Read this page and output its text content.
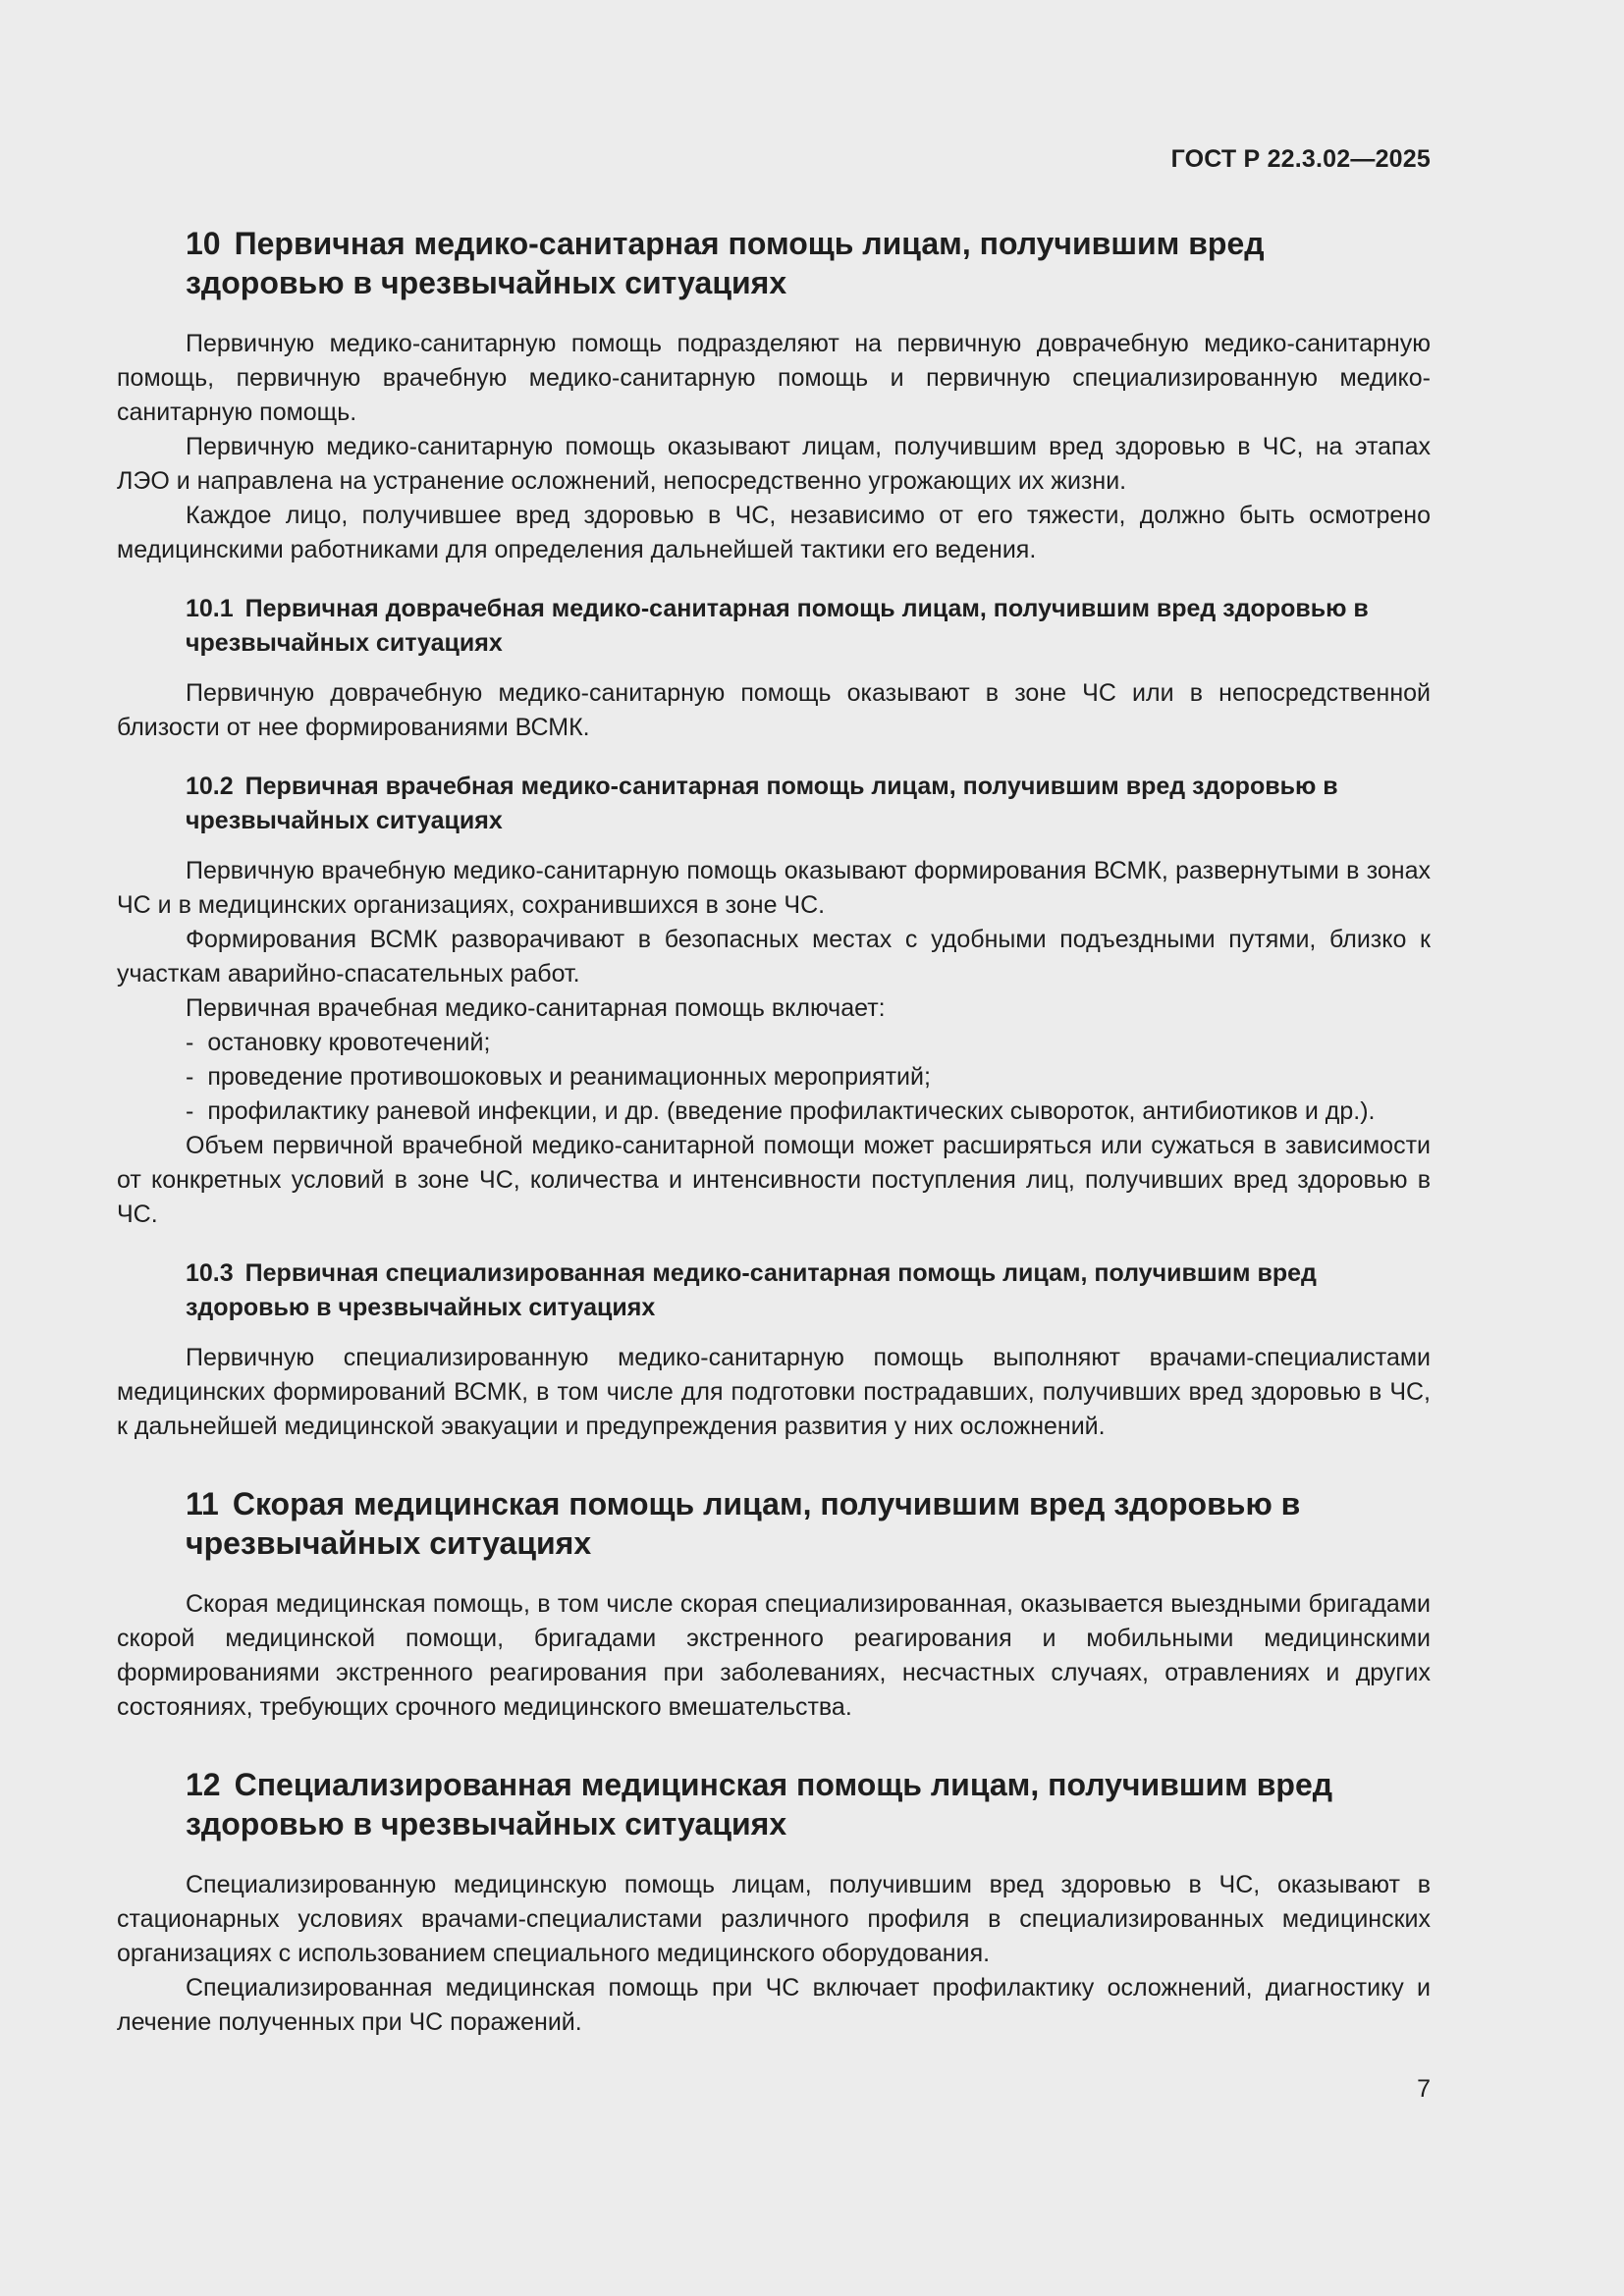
ГОСТ Р 22.3.02—2025
10 Первичная медико-санитарная помощь лицам, получившим вред здоровью в чрезвычайных ситуациях

Первичную медико-санитарную помощь подразделяют на первичную доврачебную медико-санитарную помощь, первичную врачебную медико-санитарную помощь и первичную специализированную медико-санитарную помощь.

Первичную медико-санитарную помощь оказывают лицам, получившим вред здоровью в ЧС, на этапах ЛЭО и направлена на устранение осложнений, непосредственно угрожающих их жизни.

Каждое лицо, получившее вред здоровью в ЧС, независимо от его тяжести, должно быть осмотрено медицинскими работниками для определения дальнейшей тактики его ведения.

10.1 Первичная доврачебная медико-санитарная помощь лицам, получившим вред здоровью в чрезвычайных ситуациях

Первичную доврачебную медико-санитарную помощь оказывают в зоне ЧС или в непосредственной близости от нее формированиями ВСМК.

10.2 Первичная врачебная медико-санитарная помощь лицам, получившим вред здоровью в чрезвычайных ситуациях

Первичную врачебную медико-санитарную помощь оказывают формирования ВСМК, развернутыми в зонах ЧС и в медицинских организациях, сохранившихся в зоне ЧС.

Формирования ВСМК разворачивают в безопасных местах с удобными подъездными путями, близко к участкам аварийно-спасательных работ.

Первичная врачебная медико-санитарная помощь включает:

- остановку кровотечений;
- проведение противошоковых и реанимационных мероприятий;
- профилактику раневой инфекции, и др. (введение профилактических сывороток, антибиотиков и др.).

Объем первичной врачебной медико-санитарной помощи может расширяться или сужаться в зависимости от конкретных условий в зоне ЧС, количества и интенсивности поступления лиц, получивших вред здоровью в ЧС.

10.3 Первичная специализированная медико-санитарная помощь лицам, получившим вред здоровью в чрезвычайных ситуациях

Первичную специализированную медико-санитарную помощь выполняют врачами-специалистами медицинских формирований ВСМК, в том числе для подготовки пострадавших, получивших вред здоровью в ЧС, к дальнейшей медицинской эвакуации и предупреждения развития у них осложнений.

11 Скорая медицинская помощь лицам, получившим вред здоровью в чрезвычайных ситуациях

Скорая медицинская помощь, в том числе скорая специализированная, оказывается выездными бригадами скорой медицинской помощи, бригадами экстренного реагирования и мобильными медицинскими формированиями экстренного реагирования при заболеваниях, несчастных случаях, отравлениях и других состояниях, требующих срочного медицинского вмешательства.

12 Специализированная медицинская помощь лицам, получившим вред здоровью в чрезвычайных ситуациях

Специализированную медицинскую помощь лицам, получившим вред здоровью в ЧС, оказывают в стационарных условиях врачами-специалистами различного профиля в специализированных медицинских организациях с использованием специального медицинского оборудования.

Специализированная медицинская помощь при ЧС включает профилактику осложнений, диагностику и лечение полученных при ЧС поражений.

7
